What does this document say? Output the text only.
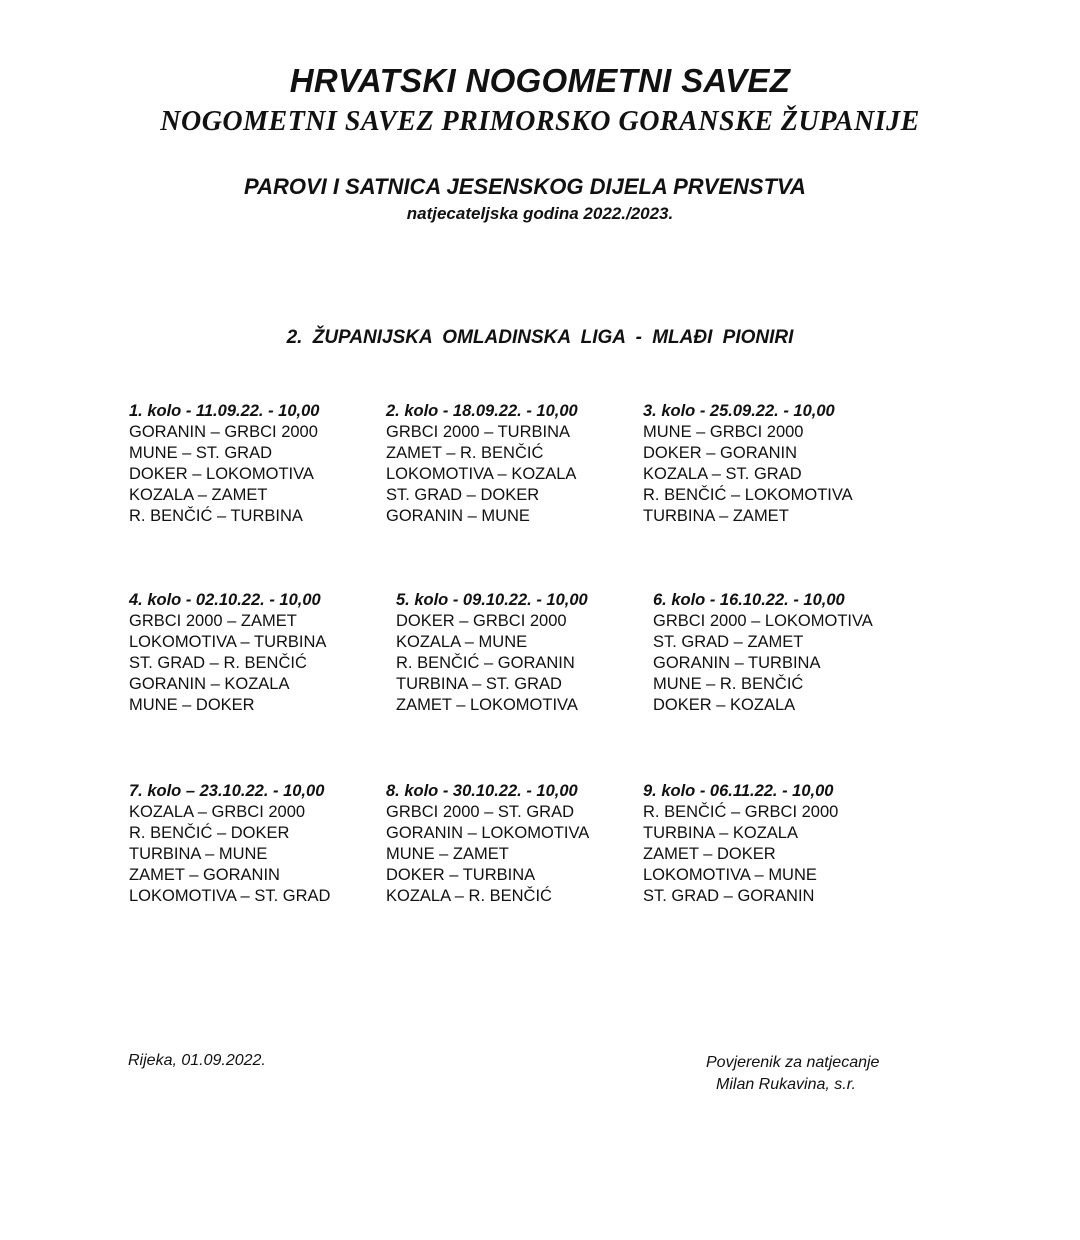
HRVATSKI NOGOMETNI SAVEZ
NOGOMETNI SAVEZ PRIMORSKO GORANSKE ŽUPANIJE
PAROVI I SATNICA JESENSKOG DIJELA PRVENSTVA
natjecateljska godina 2022./2023.
2. ŽUPANIJSKA OMLADINSKA LIGA - MLAĐI PIONIRI
1. kolo - 11.09.22. - 10,00
GORANIN – GRBCI 2000
MUNE – ST. GRAD
DOKER – LOKOMOTIVA
KOZALA – ZAMET
R. BENČIĆ – TURBINA
2. kolo - 18.09.22. - 10,00
GRBCI 2000 – TURBINA
ZAMET – R. BENČIĆ
LOKOMOTIVA – KOZALA
ST. GRAD – DOKER
GORANIN – MUNE
3. kolo - 25.09.22. - 10,00
MUNE – GRBCI 2000
DOKER – GORANIN
KOZALA – ST. GRAD
R. BENČIĆ – LOKOMOTIVA
TURBINA – ZAMET
4. kolo - 02.10.22. - 10,00
GRBCI 2000 – ZAMET
LOKOMOTIVA – TURBINA
ST. GRAD – R. BENČIĆ
GORANIN – KOZALA
MUNE – DOKER
5. kolo - 09.10.22. - 10,00
DOKER – GRBCI 2000
KOZALA – MUNE
R. BENČIĆ – GORANIN
TURBINA – ST. GRAD
ZAMET – LOKOMOTIVA
6. kolo - 16.10.22. - 10,00
GRBCI 2000 – LOKOMOTIVA
ST. GRAD – ZAMET
GORANIN – TURBINA
MUNE – R. BENČIĆ
DOKER – KOZALA
7. kolo – 23.10.22. - 10,00
KOZALA – GRBCI 2000
R. BENČIĆ – DOKER
TURBINA – MUNE
ZAMET – GORANIN
LOKOMOTIVA – ST. GRAD
8. kolo - 30.10.22. - 10,00
GRBCI 2000 – ST. GRAD
GORANIN – LOKOMOTIVA
MUNE – ZAMET
DOKER – TURBINA
KOZALA – R. BENČIĆ
9. kolo - 06.11.22. - 10,00
R. BENČIĆ – GRBCI 2000
TURBINA – KOZALA
ZAMET – DOKER
LOKOMOTIVA – MUNE
ST. GRAD – GORANIN
Rijeka, 01.09.2022.	Povjerenik za natjecanje
Milan Rukavina, s.r.
